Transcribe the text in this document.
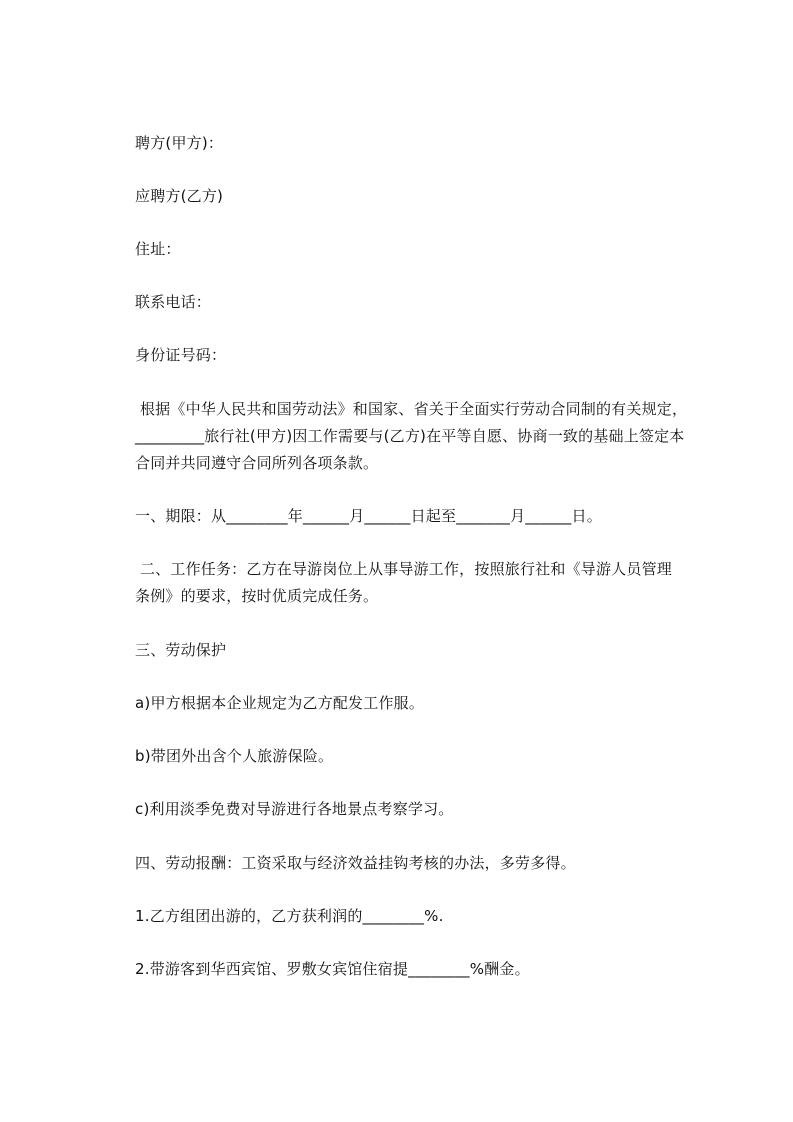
聘方(甲方)：
应聘方(乙方)
住址：
联系电话：
身份证号码：
根据《中华人民共和国劳动法》和国家、省关于全面实行劳动合同制的有关规定，
_________旅行社(甲方)因工作需要与(乙方)在平等自愿、协商一致的基础上签定本
合同并共同遵守合同所列各项条款。
一、期限：从________年______月______日起至_______月______日。
二、工作任务：乙方在导游岗位上从事导游工作，按照旅行社和《导游人员管理
条例》的要求，按时优质完成任务。
三、劳动保护
a)甲方根据本企业规定为乙方配发工作服。
b)带团外出含个人旅游保险。
c)利用淡季免费对导游进行各地景点考察学习。
四、劳动报酬：工资采取与经济效益挂钩考核的办法，多劳多得。
1.乙方组团出游的，乙方获利润的________%.
2.带游客到华西宾馆、罗敷女宾馆住宿提________%酬金。
